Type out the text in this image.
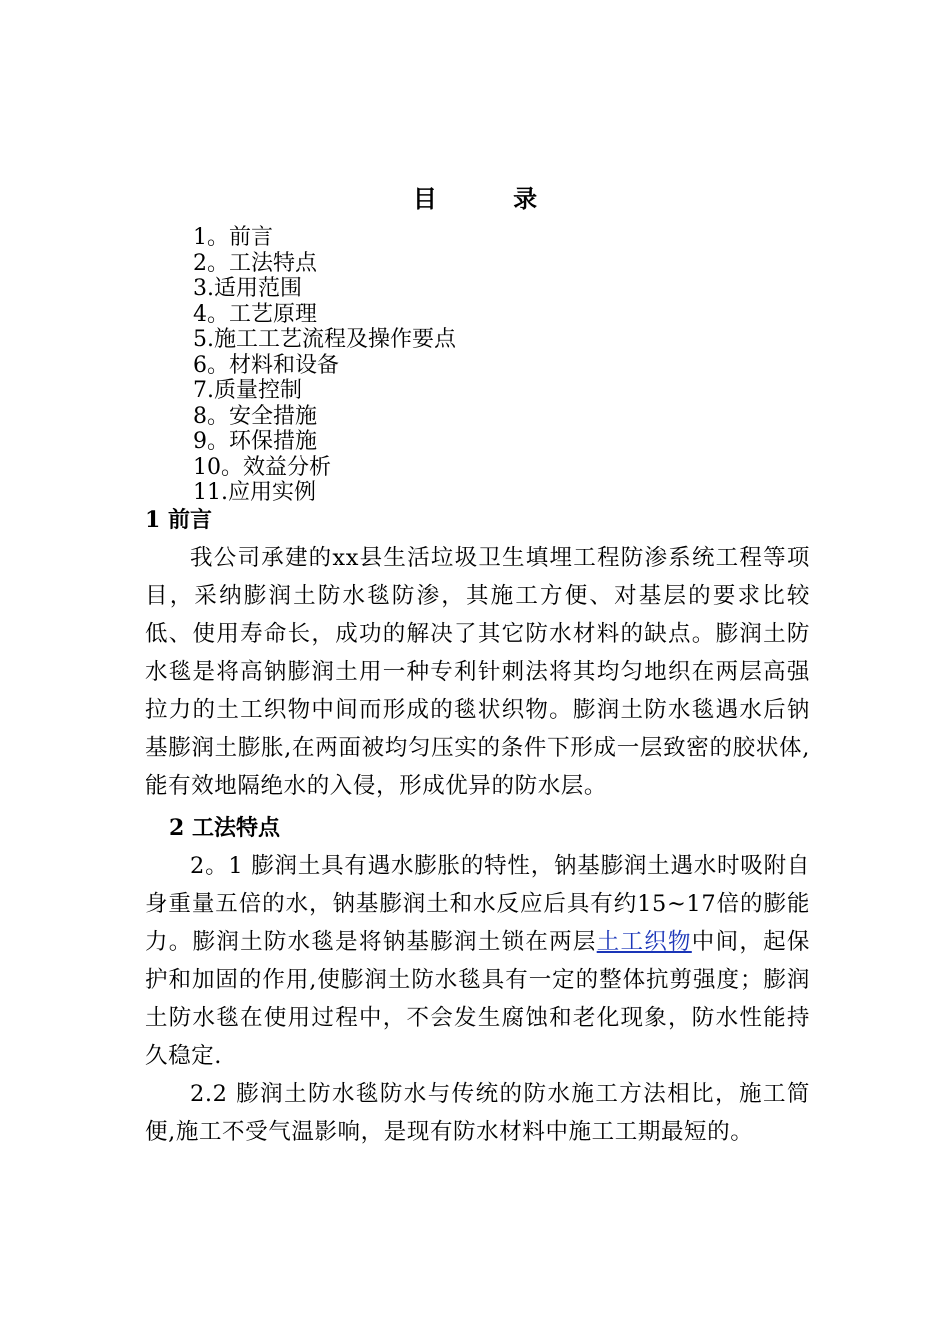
目 录
1。前言
2。工法特点
3.适用范围
4。工艺原理
5.施工工艺流程及操作要点
6。材料和设备
7.质量控制
8。安全措施
9。环保措施
10。效益分析
11.应用实例
1 前言

我公司承建的xx县生活垃圾卫生填埋工程防渗系统工程等项目，采纳膨润土防水毯防渗，其施工方便、对基层的要求比较低、使用寿命长，成功的解决了其它防水材料的缺点。膨润土防水毯是将高钠膨润土用一种专利针刺法将其均匀地织在两层高强拉力的土工织物中间而形成的毯状织物。膨润土防水毯遇水后钠基膨润土膨胀,在两面被均匀压实的条件下形成一层致密的胶状体,能有效地隔绝水的入侵，形成优异的防水层。

2 工法特点

2。1 膨润土具有遇水膨胀的特性，钠基膨润土遇水时吸附自身重量五倍的水，钠基膨润土和水反应后具有约15~17倍的膨能力。膨润土防水毯是将钠基膨润土锁在两层土工织物中间，起保护和加固的作用,使膨润土防水毯具有一定的整体抗剪强度；膨润土防水毯在使用过程中，不会发生腐蚀和老化现象，防水性能持久稳定.

2.2 膨润土防水毯防水与传统的防水施工方法相比，施工简便,施工不受气温影响，是现有防水材料中施工工期最短的。
